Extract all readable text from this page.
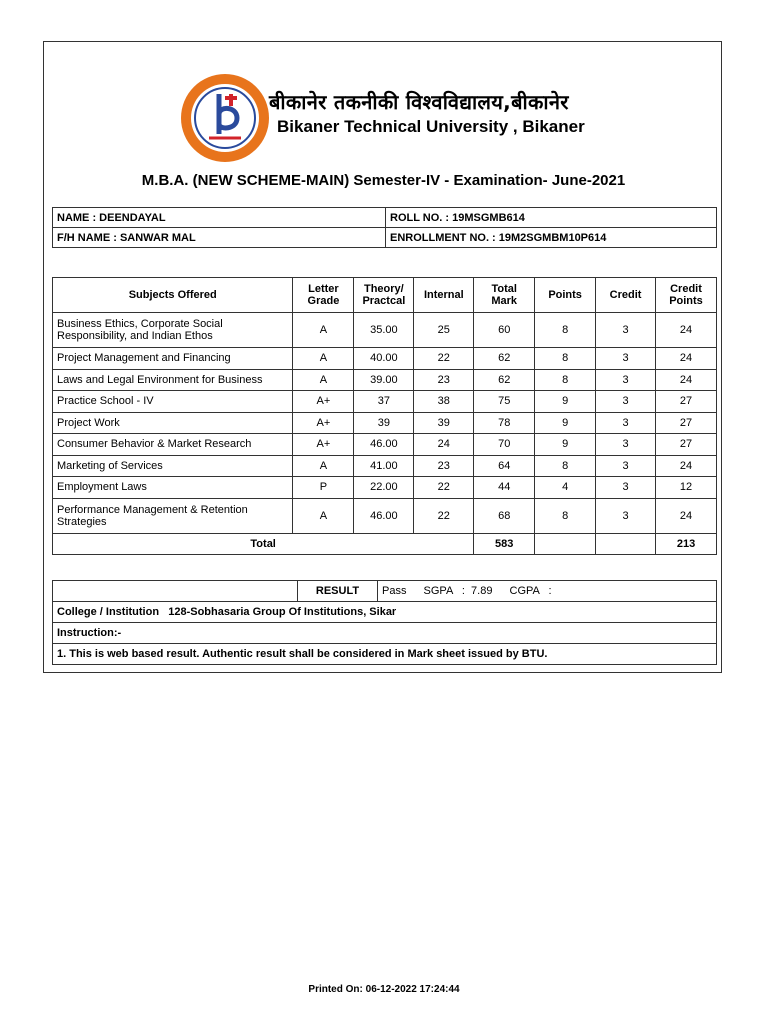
बीकानेर तकनीकी विश्वविद्यालय,बीकानेर
Bikaner Technical University , Bikaner
M.B.A. (NEW SCHEME-MAIN) Semester-IV - Examination- June-2021
NAME : DEENDAYAL	ROLL NO. : 19MSGMB614
F/H NAME : SANWAR MAL	ENROLLMENT NO. : 19M2SGMBM10P614
Subjects Offered	Letter Grade	Theory/ Practcal	Internal	Total Mark	Points	Credit	Credit Points
Business Ethics, Corporate Social Responsibility, and Indian Ethos	A	35.00	25	60	8	3	24
Project Management and Financing	A	40.00	22	62	8	3	24
Laws and Legal Environment for Business	A	39.00	23	62	8	3	24
Practice School - IV	A+	37	38	75	9	3	27
Project Work	A+	39	39	78	9	3	27
Consumer Behavior & Market Research	A+	46.00	24	70	9	3	27
Marketing of Services	A	41.00	23	64	8	3	24
Employment Laws	P	22.00	22	44	4	3	12
Performance Management & Retention Strategies	A	46.00	22	68	8	3	24
Total				583			213
	RESULT	Pass SGPA   :  7.89 CGPA   :
College / Institution   128-Sobhasaria Group Of Institutions, Sikar
Instruction:-
1. This is web based result. Authentic result shall be considered in Mark sheet issued by BTU.
Printed On: 06-12-2022 17:24:44
